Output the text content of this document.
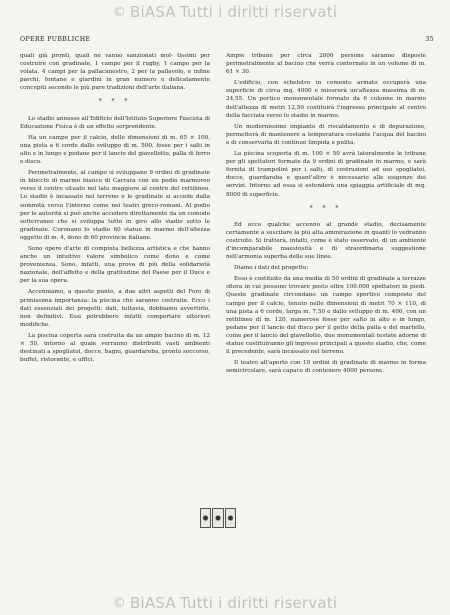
© BiASA Tutti i diritti riservati
OPERE PUBBLICHE	35

quali già pronti, quali ne vanno sanzionati mol- tissimi per costruire con gradinate, 1 campo per il rugby, 1 campo per la volata, 4 campi per la pallacanestro, 2 per la pallavolo, e infine parchi, fontane e giardini in gran numero e delicatamente concepiti secondo le più pure tradizioni dell'arte italiana.

* * *

Lo stadio annesso all'Edificio dell'Istituto Superiore Fascista di Educazione Fisica è di un effetto sorprendente.

Ha un campo per il calcio, delle dimensioni di m. 65 × 100, una pista a 6 corde dallo sviluppo di m. 500, fosse per i salti in alto e in lungo e pedane per il lancio del giavellotto, palla di ferro e disco.

Perimetralmente, al campo si sviluppano 9 ordini di gradinate in blocchi di marmo bianco di Carrara con un podio marmoreo verso il centro situato nel lato maggiore al centro del rettilineo. Lo stadio è incassato nel terreno e le gradinate si accede dalla sommità verso l'interno come nei teatri greco-romani. Al podio per le autorità si può anche accedere direttamente da un comodo sotterraneo che si sviluppa tutto in giro allo stadio sotto le gradinate. Coronano lo stadio 60 statue in marmo dell'altezza oggetto di m. 4, dono di 60 provincie italiane.

Sono opere d'arte di compiuta bellezza artistica e che hanno anche un intuitivo valore simbolico come dono e come provenienza. Sono, infatti, una prova di più della solidarietà nazionale, dell'affetto e della gratitudine del Paese per il Duce e per la sua opera.

Accenniamo, a questo punto, a due altri aspetti del Foro di primissima importanza: la piscina che saranno costruite. Ecco i dati essenziali dei progetti: dati, tuttavia, dobbiamo avvertirlo, non definitivi. Essi potrebbero infatti comportare ulteriori modifiche.

La piscina coperta sarà costruita da un ampio bacino di m. 12 × 50, intorno al quale verranno distribuiti vasti ambienti destinati a spogliatoi, docce, bagni, guardaroba, pronto soccorso, buffet, ristorante, e uffici.

Ampie tribune per circa 2000 persone saranno disposte perimetralmente al bacino che verrà contornato in un volume di m. 61 × 30.

L'edificio, con scheletro in cemento armato occuperà una superficie di circa mq. 4000 e misurerà un'altezza massima di m. 24,55. Un portico monumentale formato da 6 colonne in marmo dell'altezza di metri 12,50 costituirà l'ingresso principale al centro della facciata verso lo stadio in marmo.

Un modernissimo impianto di riscaldamento e di depurazione, permetterà di mantenere a temperatura costante l'acqua del bacino e di conservarla di continuo limpida e pulita.

La piscina scoperta di m. 100 × 50 avrà lateralmente le tribune per gli spettatori formate da 9 ordini di gradinate in marmo, e sarà fornita di trampolini per i salti, di costruzioni ad uso spogliatoi, docce, guardaroba e quant'altro è necessario alle esigenze dei servizi. Intorno ad essa si estenderà una spiaggia artificiale di mq. 8000 di superficie.

* * *

Ed ecco qualche accenno al grande stadio, decisamente certamente a suscitare la più alta ammirazione in quanti lo vedranno costruito. Si tratterà, infatti, come è stato osservato, di un ambiente d'incomparabile maestosità e di straordinaria suggestione nell'armonia superba delle sue linee.

Diamo i dati del progetto:

Esso è costituito da una media di 50 ordini di gradinate a terrazze sfiora in cui possono trovare posto oltre 100.000 spettatori in piedi. Queste gradinate circondano un campo sportivo composto del campo per il calcio, tenuto nelle dimensioni di metri 70 × 110, di una pista a 6 corde, larga m. 7,50 e dallo sviluppo di m. 400, con un rettilineo di m. 120, numerose fosse per salto in alto e in lungo, pedane per il lancio del disco per il getto della palla e del martello, come per il lancio del giavellotto, due monumentali testate adorne di statue costituiranno gli ingressi principali a questo stadio, che, come il precedente, sarà incassato nel terreno.

Il teatro all'aperto con 10 ordini di gradinate di marmo in forma semicircolare, sarà capace di contenere 4000 persone.

© BiASA Tutti i diritti riservati
